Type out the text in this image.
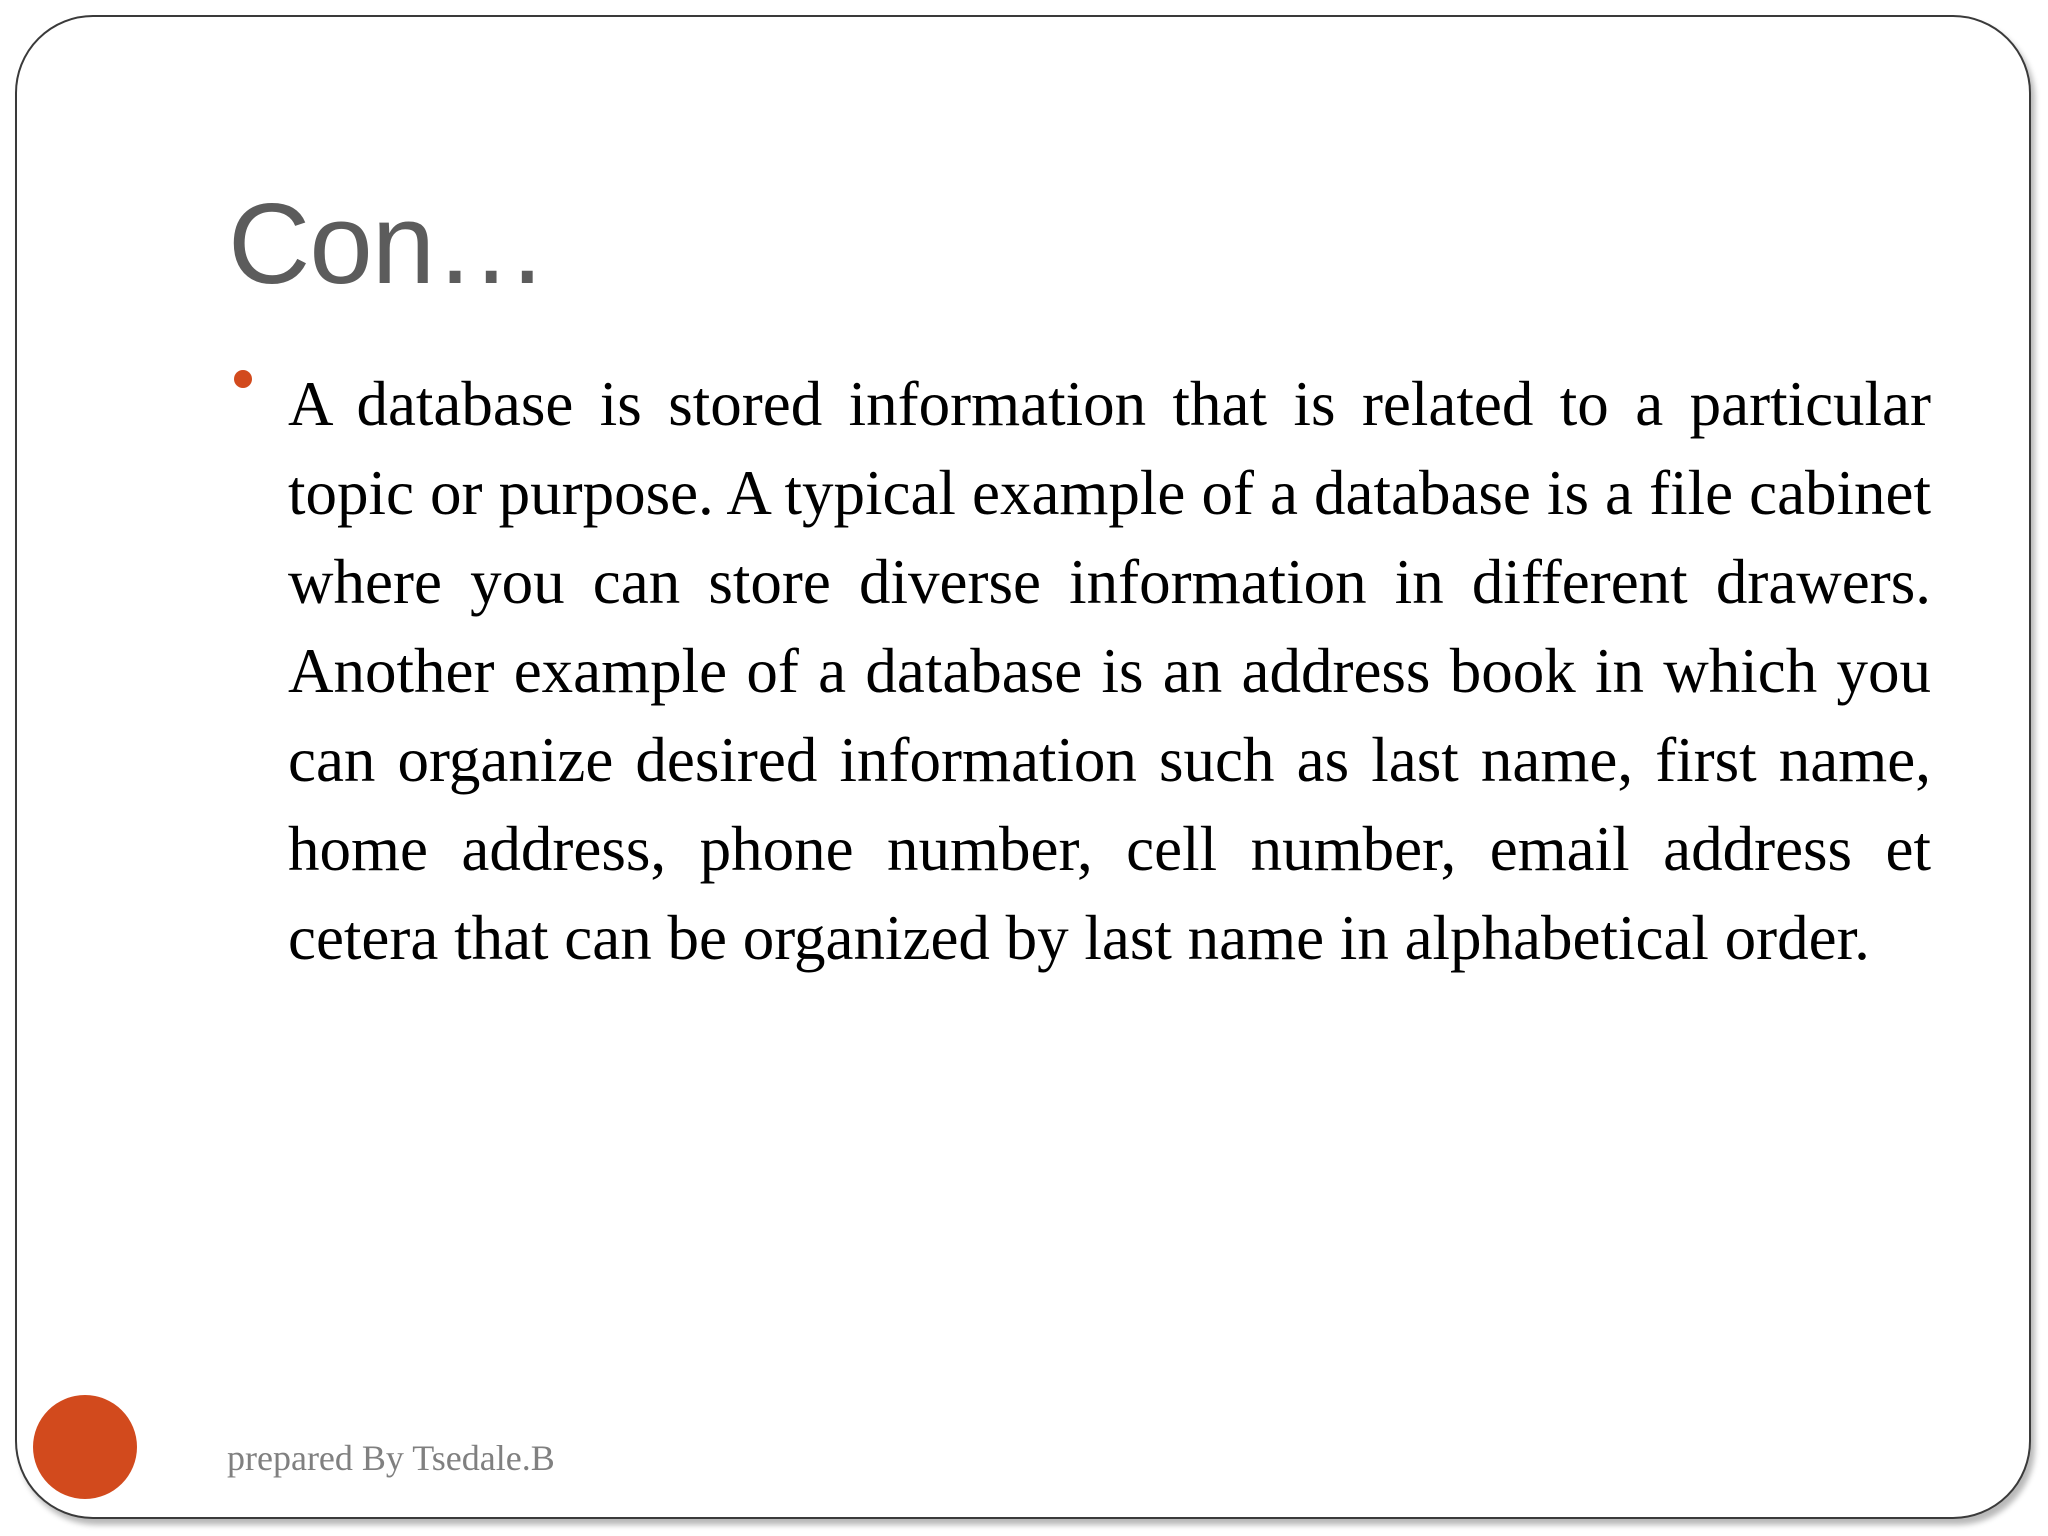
Con…

A database is stored information that is related to a particular topic or purpose. A typical example of a database is a file cabinet where you can store diverse information in different drawers. Another example of a database is an address book in which you can organize desired information such as last name, first name, home address, phone number, cell number, email address et cetera that can be organized by last name in alphabetical order.

prepared By Tsedale.B
